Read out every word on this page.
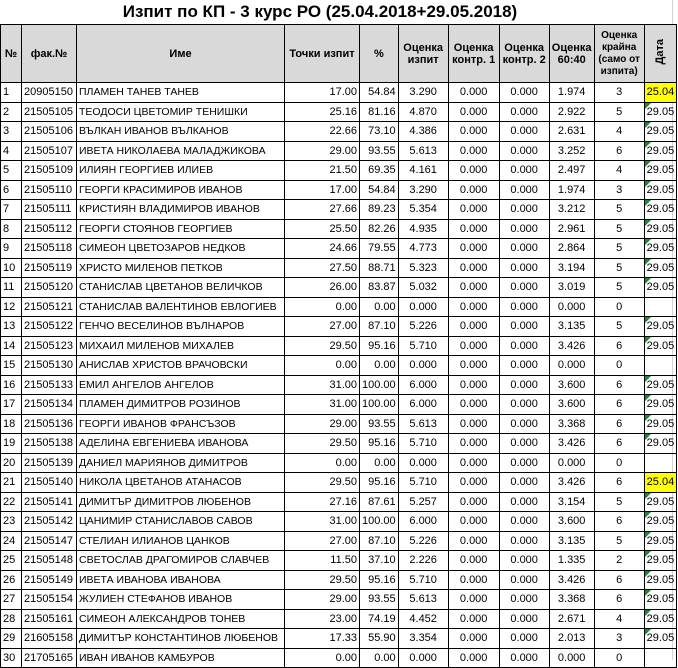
Изпит по КП - 3 курс РО (25.04.2018+29.05.2018)
№	фак.№	Име	Точки изпит	%	Оценка изпит	Оценка контр. 1	Оценка контр. 2	Оценка 60:40	Оценка крайна (само от изпита)	Дата
1	20905150	ПЛАМЕН ТАНЕВ ТАНЕВ	17.00	54.84	3.290	0.000	0.000	1.974	3	25.04
2	21505105	ТЕОДОСИ ЦВЕТОМИР ТЕНИШКИ	25.16	81.16	4.870	0.000	0.000	2.922	5	29.05
3	21505106	ВЪЛКАН ИВАНОВ ВЪЛКАНОВ	22.66	73.10	4.386	0.000	0.000	2.631	4	29.05
4	21505107	ИВЕТА НИКОЛАЕВА МАЛАДЖИКОВА	29.00	93.55	5.613	0.000	0.000	3.252	6	29.05
5	21505109	ИЛИЯН ГЕОРГИЕВ ИЛИЕВ	21.50	69.35	4.161	0.000	0.000	2.497	4	29.05
6	21505110	ГЕОРГИ КРАСИМИРОВ ИВАНОВ	17.00	54.84	3.290	0.000	0.000	1.974	3	29.05
7	21505111	КРИСТИЯН ВЛАДИМИРОВ ИВАНОВ	27.66	89.23	5.354	0.000	0.000	3.212	5	29.05
8	21505112	ГЕОРГИ СТОЯНОВ ГЕОРГИЕВ	25.50	82.26	4.935	0.000	0.000	2.961	5	29.05
9	21505118	СИМЕОН ЦВЕТОЗАРОВ НЕДКОВ	24.66	79.55	4.773	0.000	0.000	2.864	5	29.05
10	21505119	ХРИСТО МИЛЕНОВ ПЕТКОВ	27.50	88.71	5.323	0.000	0.000	3.194	5	29.05
11	21505120	СТАНИСЛАВ ЦВЕТАНОВ ВЕЛИЧКОВ	26.00	83.87	5.032	0.000	0.000	3.019	5	29.05
12	21505121	СТАНИСЛАВ ВАЛЕНТИНОВ ЕВЛОГИЕВ	0.00	0.00	0.000	0.000	0.000	0.000	0	
13	21505122	ГЕНЧО ВЕСЕЛИНОВ ВЪЛНАРОВ	27.00	87.10	5.226	0.000	0.000	3.135	5	29.05
14	21505123	МИХАИЛ МИЛЕНОВ МИХАЛЕВ	29.50	95.16	5.710	0.000	0.000	3.426	6	29.05
15	21505130	АНИСЛАВ ХРИСТОВ ВРАЧОВСКИ	0.00	0.00	0.000	0.000	0.000	0.000	0	
16	21505133	ЕМИЛ АНГЕЛОВ АНГЕЛОВ	31.00	100.00	6.000	0.000	0.000	3.600	6	29.05
17	21505134	ПЛАМЕН ДИМИТРОВ РОЗИНОВ	31.00	100.00	6.000	0.000	0.000	3.600	6	29.05
18	21505136	ГЕОРГИ ИВАНОВ ФРАНСЪЗОВ	29.00	93.55	5.613	0.000	0.000	3.368	6	29.05
19	21505138	АДЕЛИНА ЕВГЕНИЕВА ИВАНОВА	29.50	95.16	5.710	0.000	0.000	3.426	6	29.05
20	21505139	ДАНИЕЛ МАРИЯНОВ ДИМИТРОВ	0.00	0.00	0.000	0.000	0.000	0.000	0	
21	21505140	НИКОЛА ЦВЕТАНОВ АТАНАСОВ	29.50	95.16	5.710	0.000	0.000	3.426	6	25.04
22	21505141	ДИМИТЪР ДИМИТРОВ ЛЮБЕНОВ	27.16	87.61	5.257	0.000	0.000	3.154	5	29.05
23	21505142	ЦАНИМИР СТАНИСЛАВОВ САВОВ	31.00	100.00	6.000	0.000	0.000	3.600	6	29.05
24	21505147	СТЕЛИАН ИЛИАНОВ ЦАНКОВ	27.00	87.10	5.226	0.000	0.000	3.135	5	29.05
25	21505148	СВЕТОСЛАВ ДРАГОМИРОВ СЛАВЧЕВ	11.50	37.10	2.226	0.000	0.000	1.335	2	29.05
26	21505149	ИВЕТА ИВАНОВА ИВАНОВА	29.50	95.16	5.710	0.000	0.000	3.426	6	29.05
27	21505154	ЖУЛИЕН СТЕФАНОВ ИВАНОВ	29.00	93.55	5.613	0.000	0.000	3.368	6	29.05
28	21505161	СИМЕОН АЛЕКСАНДРОВ ТОНЕВ	23.00	74.19	4.452	0.000	0.000	2.671	4	29.05
29	21605158	ДИМИТЪР КОНСТАНТИНОВ ЛЮБЕНОВ	17.33	55.90	3.354	0.000	0.000	2.013	3	29.05
30	21705165	ИВАН ИВАНОВ КАМБУРОВ	0.00	0.00	0.000	0.000	0.000	0.000	0	
